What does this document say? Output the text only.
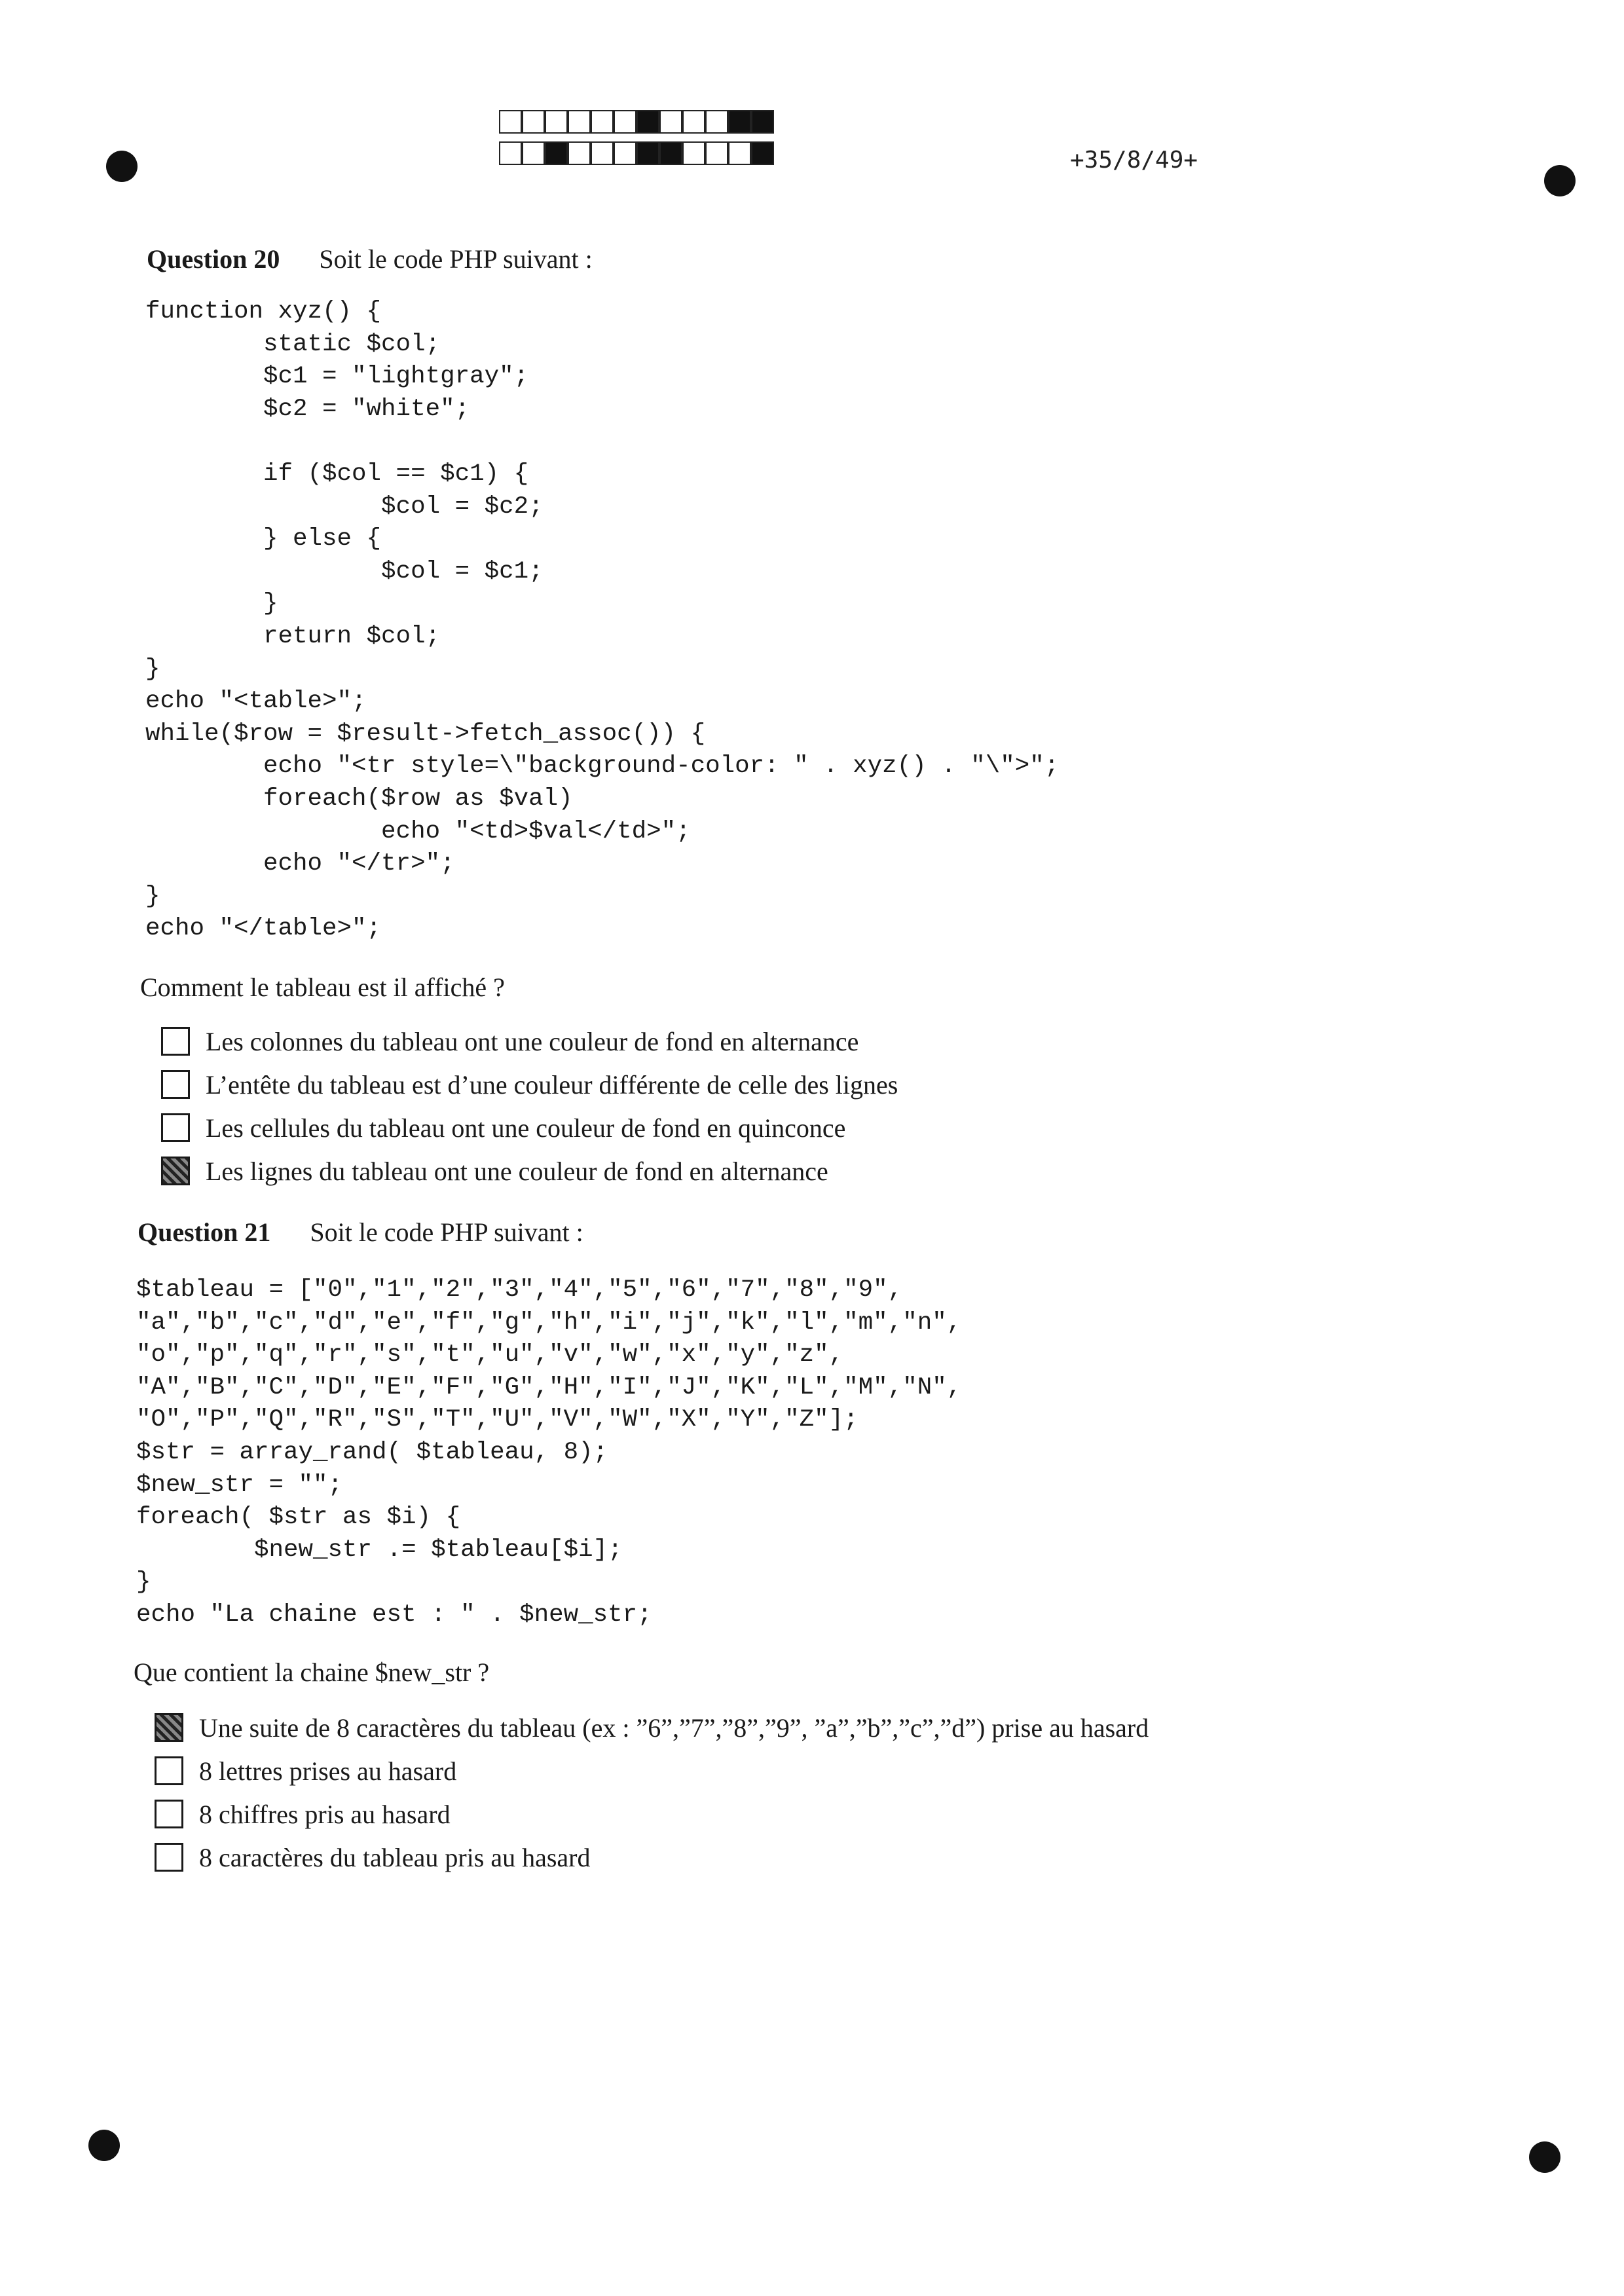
+35/8/49+
Question 20 Soit le code PHP suivant :
function xyz() {
static $col;
$c1 = "lightgray";
$c2 = "white";

if ($col == $c1) {
$col = $c2;
} else {
$col = $c1;
}
return $col;
}
echo "<table>";
while($row = $result->fetch_assoc()) {
echo "<tr style=\"background-color: " . xyz() . "\">";
foreach($row as $val)
echo "<td>$val</td>";
echo "</tr>";
}
echo "</table>";
Comment le tableau est il affiché ?
Les colonnes du tableau ont une couleur de fond en alternance
L’entête du tableau est d’une couleur différente de celle des lignes
Les cellules du tableau ont une couleur de fond en quinconce
Les lignes du tableau ont une couleur de fond en alternance
Question 21 Soit le code PHP suivant :
$tableau = ["0","1","2","3","4","5","6","7","8","9",
"a","b","c","d","e","f","g","h","i","j","k","l","m","n",
"o","p","q","r","s","t","u","v","w","x","y","z",
"A","B","C","D","E","F","G","H","I","J","K","L","M","N",
"O","P","Q","R","S","T","U","V","W","X","Y","Z"];
$str = array_rand( $tableau, 8);
$new_str = "";
foreach( $str as $i) {
$new_str .= $tableau[$i];
}
echo "La chaine est : " . $new_str;
Que contient la chaine $new_str ?
Une suite de 8 caractères du tableau (ex : ”6”,”7”,”8”,”9”, ”a”,”b”,”c”,”d”) prise au hasard
8 lettres prises au hasard
8 chiffres pris au hasard
8 caractères du tableau pris au hasard
